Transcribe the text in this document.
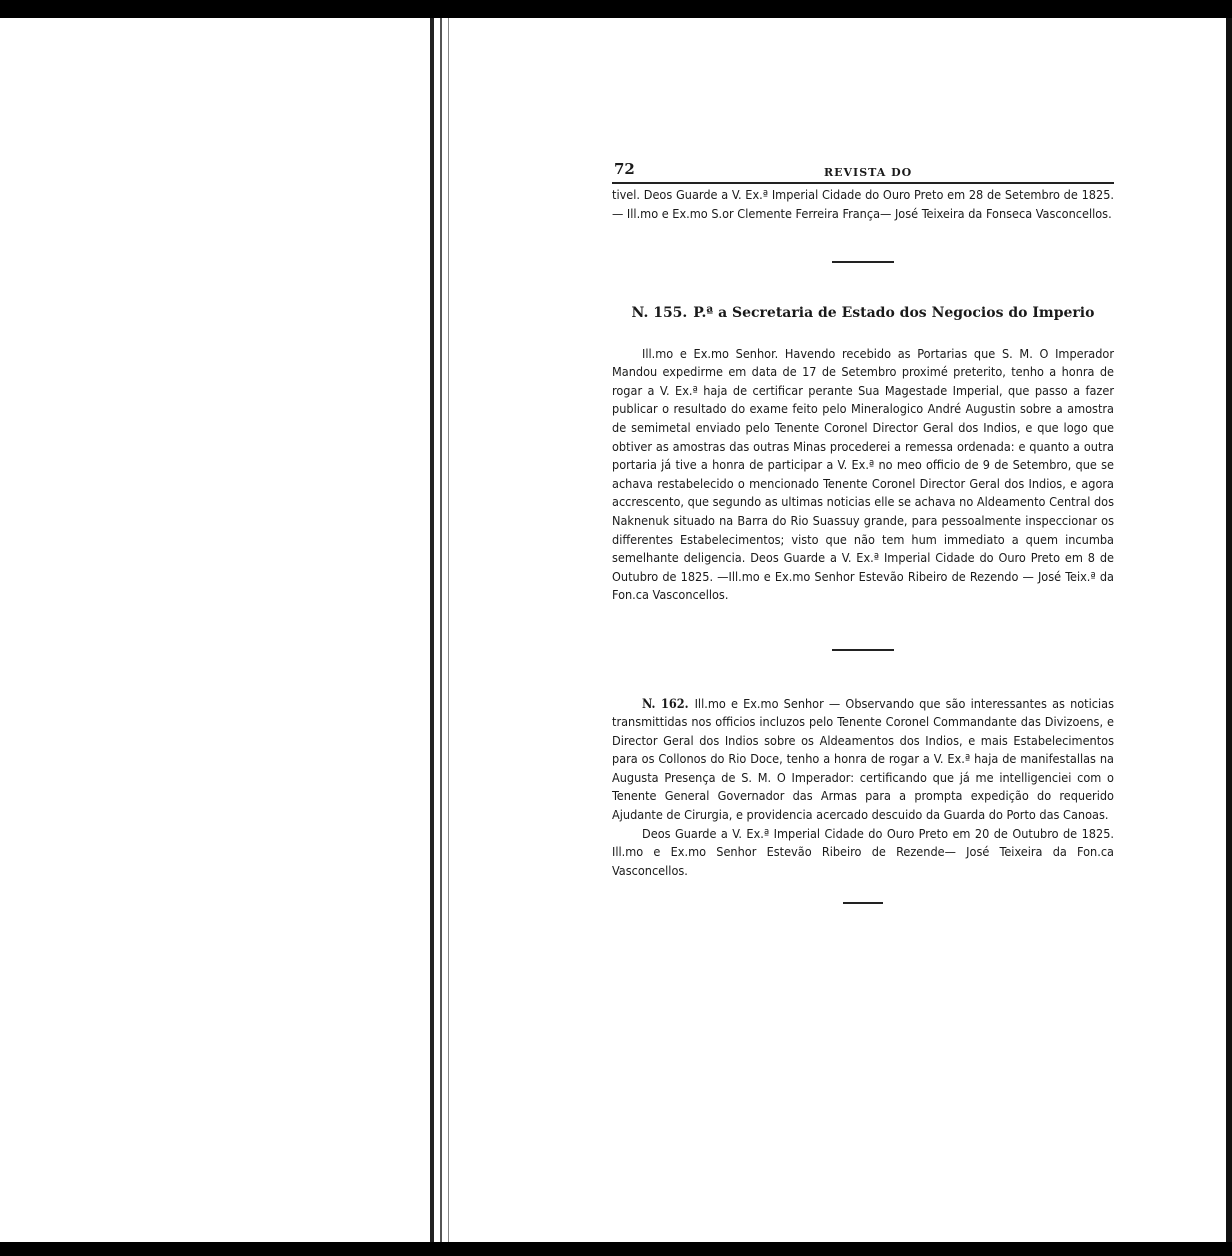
72	REVISTA DO

tivel. Deos Guarde a V. Ex.ª Imperial Cidade do Ouro Preto em 28 de Setembro de 1825. — Ill.mo e Ex.mo S.or Clemente Ferreira França— José Teixeira da Fonseca Vasconcellos.

N. 155. P.ª a Secretaria de Estado dos Negocios do Imperio

Ill.mo e Ex.mo Senhor. Havendo recebido as Portarias que S. M. O Imperador Mandou expedirme em data de 17 de Setembro proximé preterito, tenho a honra de rogar a V. Ex.ª haja de certificar perante Sua Magestade Imperial, que passo a fazer publicar o resultado do exame feito pelo Mineralogico André Augustin sobre a amostra de semimetal enviado pelo Tenente Coronel Director Geral dos Indios, e que logo que obtiver as amostras das outras Minas procederei a remessa ordenada: e quanto a outra portaria já tive a honra de participar a V. Ex.ª no meo officio de 9 de Setembro, que se achava restabelecido o mencionado Tenente Coronel Director Geral dos Indios, e agora accrescento, que segundo as ultimas noticias elle se achava no Aldeamento Central dos Naknenuk situado na Barra do Rio Suassuy grande, para pessoalmente inspeccionar os differentes Estabelecimentos; visto que não tem hum immediato a quem incumba semelhante deligencia. Deos Guarde a V. Ex.ª Imperial Cidade do Ouro Preto em 8 de Outubro de 1825. —Ill.mo e Ex.mo Senhor Estevão Ribeiro de Rezendo — José Teix.ª da Fon.ca Vasconcellos.

N. 162. Ill.mo e Ex.mo Senhor — Observando que são interessantes as noticias transmittidas nos officios incluzos pelo Tenente Coronel Commandante das Divizoens, e Director Geral dos Indios sobre os Aldeamentos dos Indios, e mais Estabelecimentos para os Collonos do Rio Doce, tenho a honra de rogar a V. Ex.ª haja de manifestallas na Augusta Presença de S. M. O Imperador: certificando que já me intelligenciei com o Tenente General Governador das Armas para a prompta expedição do requerido Ajudante de Cirurgia, e providencia acercado descuido da Guarda do Porto das Canoas.

Deos Guarde a V. Ex.ª Imperial Cidade do Ouro Preto em 20 de Outubro de 1825. Ill.mo e Ex.mo Senhor Estevão Ribeiro de Rezende— José Teixeira da Fon.ca Vasconcellos.
